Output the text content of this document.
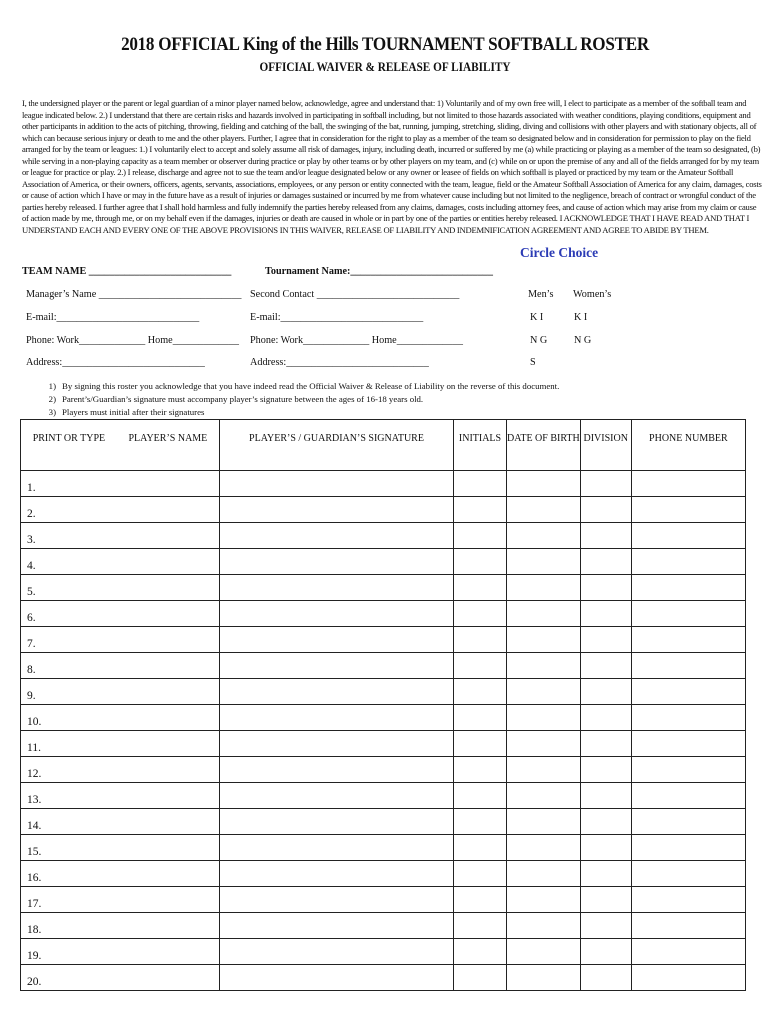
2018 OFFICIAL King of the Hills TOURNAMENT SOFTBALL ROSTER
OFFICIAL WAIVER & RELEASE OF LIABILITY
I, the undersigned player or the parent or legal guardian of a minor player named below, acknowledge, agree and understand that: 1) Voluntarily and of my own free will, I elect to participate as a member of the softball team and league indicated below. 2.) I understand that there are certain risks and hazards involved in participating in softball including, but not limited to those hazards associated with weather conditions, playing conditions, equipment and other participants in addition to the acts of pitching, throwing, fielding and catching of the ball, the swinging of the bat, running, jumping, stretching, sliding, diving and collisions with other players and with stationary objects, all of which can because serious injury or death to me and the other players. Further, I agree that in consideration for the right to play as a member of the team so designated below and in consideration for permission to play on the field arranged for by the team or leagues: 1.) I voluntarily elect to accept and solely assume all risk of damages, injury, including death, incurred or suffered by me (a) while practicing or playing as a member of the team so designated, (b) while serving in a non-playing capacity as a team member or observer during practice or play by other teams or by other players on my team, and (c) while on or upon the premise of any and all of the fields arranged for by my team or league for practice or play. 2.) I release, discharge and agree not to sue the team and/or league designated below or any owner or leasee of fields on which softball is played or practiced by my team or the Amateur Softball Association of America, or their owners, officers, agents, servants, associations, employees, or any person or entity connected with the team, league, field or the Amateur Softball Association of America for any claim, damages, costs or cause of action which I have or may in the future have as a result of injuries or damages sustained or incurred by me from whatever cause including but not limited to the negligence, breach of contract or wrongful conduct of the parties hereby released. I further agree that I shall hold harmless and fully indemnify the parties hereby released from any claims, damages, costs including attorney fees, and cause of action which may arise from my claim or cause of action made by me, through me, or on my behalf even if the damages, injuries or death are caused in whole or in part by one of the parties or entities hereby released. I ACKNOWLEDGE THAT I HAVE READ AND THAT I UNDERSTAND EACH AND EVERY ONE OF THE ABOVE PROVISIONS IN THIS WAIVER, RELEASE OF LIABILITY AND INDEMNIFICATION AGREEMENT AND AGREE TO ABIDE BY THEM.
Circle Choice
TEAM NAME ____________________________	Tournament Name:____________________________
Manager’s Name ____________________________ Second Contact ____________________________	Men’s Women’s
E-mail:____________________________	E-mail:____________________________	K I	K I
Phone: Work_____________ Home_____________ Phone: Work_____________ Home_____________	N G	N G
Address:____________________________	Address:____________________________	S
1) By signing this roster you acknowledge that you have indeed read the Official Waiver & Release of Liability on the reverse of this document.
2) Parent’s/Guardian’s signature must accompany player’s signature between the ages of 16-18 years old.
3) Players must initial after their signatures
PRINT OR TYPE PLAYER’S NAME	PLAYER’S / GUARDIAN’S SIGNATURE	INITIALS	DATE OF BIRTH	DIVISION	PHONE NUMBER
1.					
2.					
3.					
4.					
5.					
6.					
7.					
8.					
9.					
10.					
11.					
12.					
13.					
14.					
15.					
16.					
17.					
18.					
19.					
20.					
